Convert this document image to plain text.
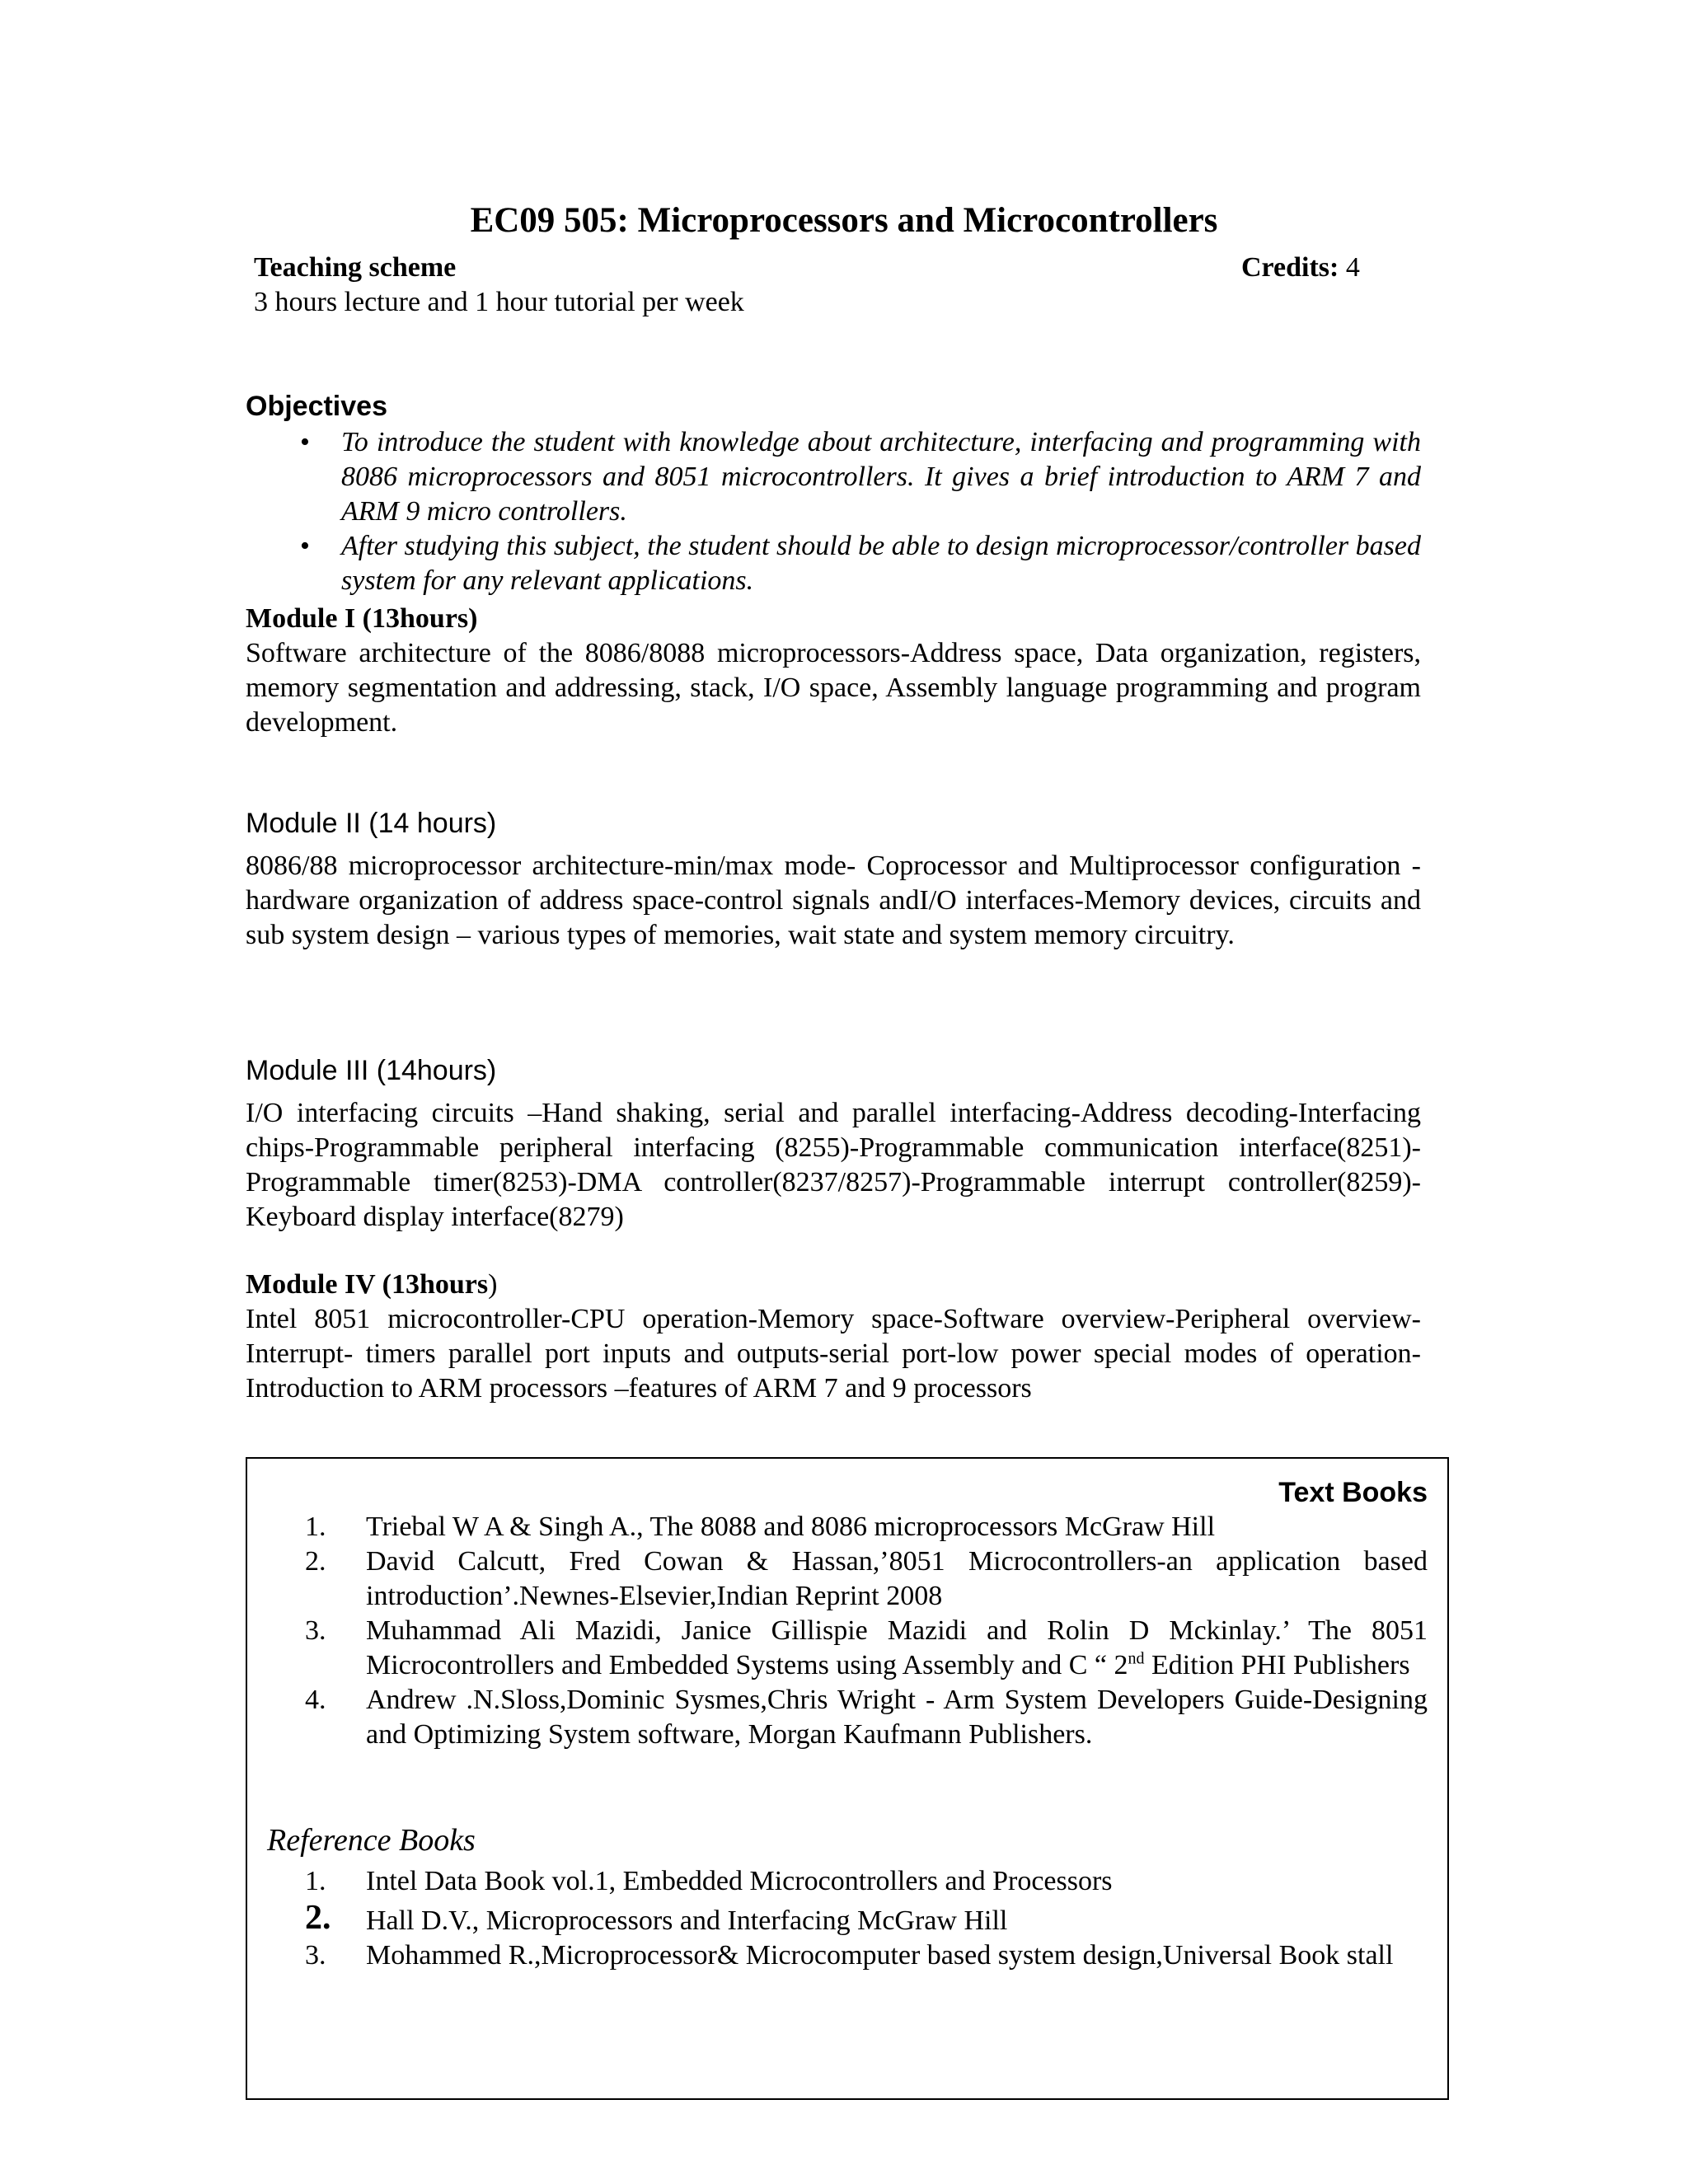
EC09 505: Microprocessors and Microcontrollers
Teaching scheme	Credits: 4
3 hours lecture and 1 hour tutorial per week
Objectives
• To introduce the student with knowledge about architecture, interfacing and programming with 8086 microprocessors and 8051 microcontrollers. It gives a brief introduction to ARM 7 and ARM 9 micro controllers.
• After studying this subject, the student should be able to design microprocessor/controller based system for any relevant applications.
Module I (13hours)
Software architecture of the 8086/8088 microprocessors-Address space, Data organization, registers, memory segmentation and addressing, stack, I/O space, Assembly language programming and program development.
Module II (14 hours)
8086/88 microprocessor architecture-min/max mode- Coprocessor and Multiprocessor configuration - hardware organization of address space-control signals andI/O interfaces-Memory devices, circuits and sub system design – various types of memories, wait state and system memory circuitry.
Module III (14hours)
I/O interfacing circuits –Hand shaking, serial and parallel interfacing-Address decoding-Interfacing chips-Programmable peripheral interfacing (8255)-Programmable communication interface(8251)-Programmable timer(8253)-DMA controller(8237/8257)-Programmable interrupt controller(8259)-Keyboard display interface(8279)
Module IV (13hours)
Intel 8051 microcontroller-CPU operation-Memory space-Software overview-Peripheral overview-Interrupt- timers parallel port inputs and outputs-serial port-low power special modes of operation-Introduction to ARM processors –features of ARM 7 and 9 processors
Text Books
1.	Triebal W A & Singh A., The 8088 and 8086 microprocessors McGraw Hill
2.	David Calcutt, Fred Cowan & Hassan,’8051 Microcontrollers-an application based introduction’.Newnes-Elsevier,Indian Reprint 2008
3.	Muhammad Ali Mazidi, Janice Gillispie Mazidi and Rolin D Mckinlay.’ The 8051 Microcontrollers and Embedded Systems using Assembly and C “ 2nd Edition PHI Publishers
4.	Andrew .N.Sloss,Dominic Sysmes,Chris Wright - Arm System Developers Guide-Designing and Optimizing System software, Morgan Kaufmann Publishers.
Reference Books
1.	Intel Data Book vol.1, Embedded Microcontrollers and Processors
2.	Hall D.V., Microprocessors and Interfacing McGraw Hill
3.	Mohammed R.,Microprocessor& Microcomputer based system design,Universal Book stall
